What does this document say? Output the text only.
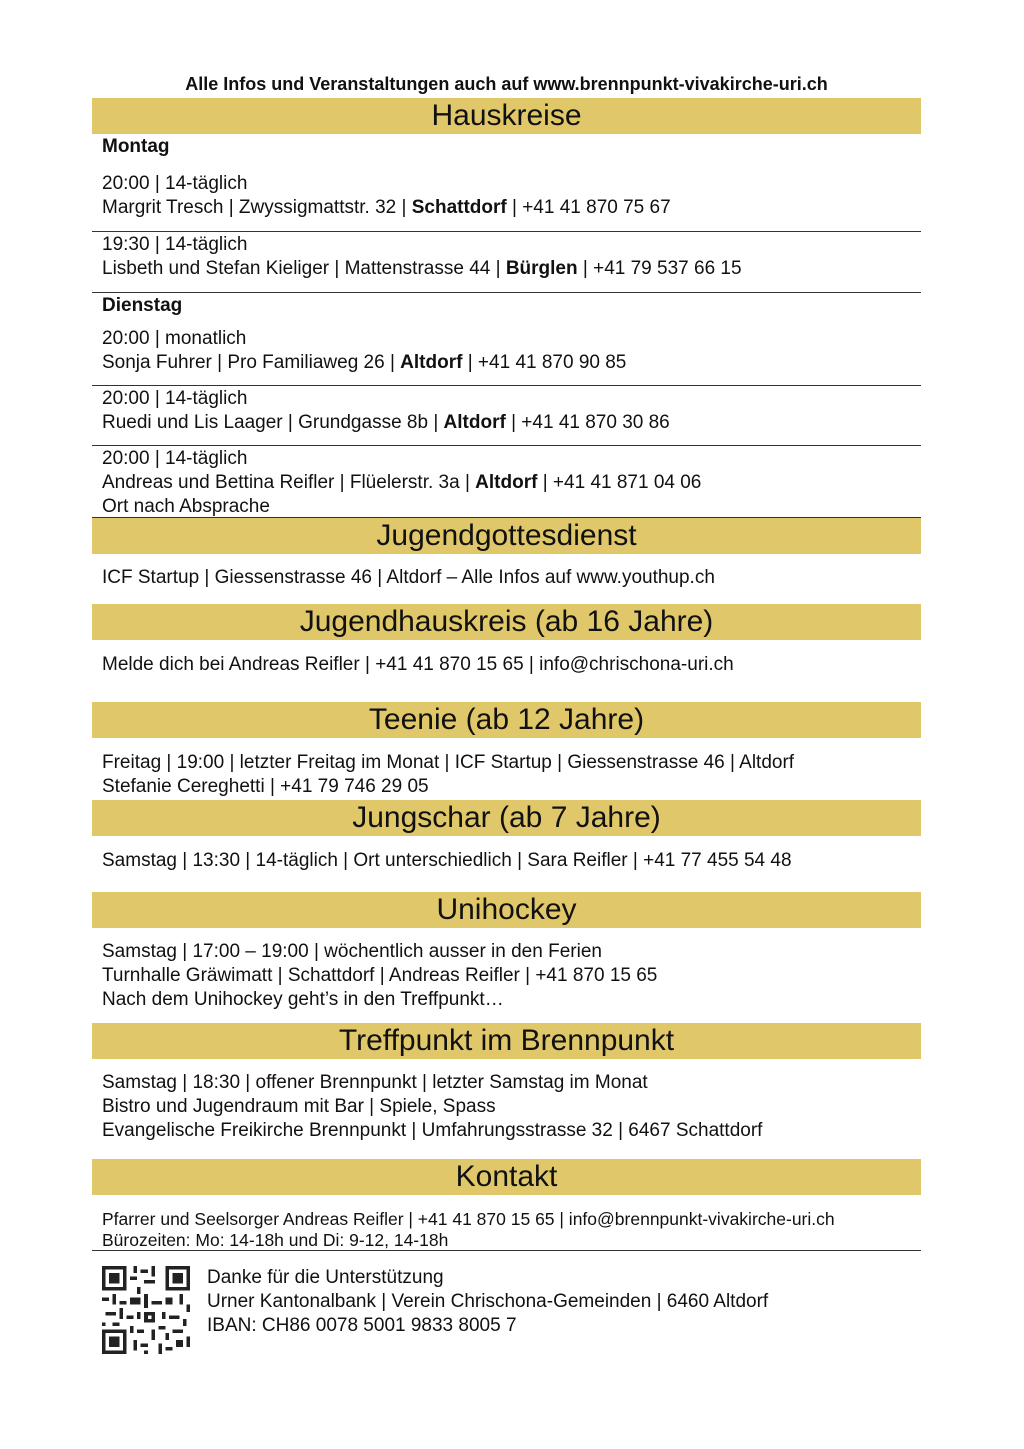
Alle Infos und Veranstaltungen auch auf www.brennpunkt-vivakirche-uri.ch
Hauskreise
Montag
20:00 | 14-täglich
Margrit Tresch | Zwyssigmattstr. 32 | Schattdorf | +41 41 870 75 67
19:30 | 14-täglich
Lisbeth und Stefan Kieliger | Mattenstrasse 44 | Bürglen | +41 79 537 66 15
Dienstag
20:00 | monatlich
Sonja Fuhrer | Pro Familiaweg 26 | Altdorf | +41 41 870 90 85
20:00 | 14-täglich
Ruedi und Lis Laager | Grundgasse 8b | Altdorf | +41 41 870 30 86
20:00 | 14-täglich
Andreas und Bettina Reifler | Flüelerstr. 3a | Altdorf | +41 41 871 04 06
Ort nach Absprache
Jugendgottesdienst
ICF Startup | Giessenstrasse 46 | Altdorf – Alle Infos auf www.youthup.ch
Jugendhauskreis (ab 16 Jahre)
Melde dich bei Andreas Reifler | +41 41 870 15 65 | info@chrischona-uri.ch
Teenie (ab 12 Jahre)
Freitag | 19:00 | letzter Freitag im Monat | ICF Startup | Giessenstrasse 46 | Altdorf
Stefanie Cereghetti | +41 79 746 29 05
Jungschar (ab 7 Jahre)
Samstag | 13:30 | 14-täglich | Ort unterschiedlich | Sara Reifler | +41 77 455 54 48
Unihockey
Samstag | 17:00 – 19:00 | wöchentlich ausser in den Ferien
Turnhalle Gräwimatt | Schattdorf | Andreas Reifler | +41 870 15 65
Nach dem Unihockey geht’s in den Treffpunkt…
Treffpunkt im Brennpunkt
Samstag | 18:30 | offener Brennpunkt | letzter Samstag im Monat
Bistro und Jugendraum mit Bar | Spiele, Spass
Evangelische Freikirche Brennpunkt | Umfahrungsstrasse 32 | 6467 Schattdorf
Kontakt
Pfarrer und Seelsorger Andreas Reifler | +41 41 870 15 65 | info@brennpunkt-vivakirche-uri.ch
Bürozeiten: Mo: 14-18h und Di: 9-12, 14-18h
Danke für die Unterstützung
Urner Kantonalbank | Verein Chrischona-Gemeinden | 6460 Altdorf
IBAN: CH86 0078 5001 9833 8005 7
